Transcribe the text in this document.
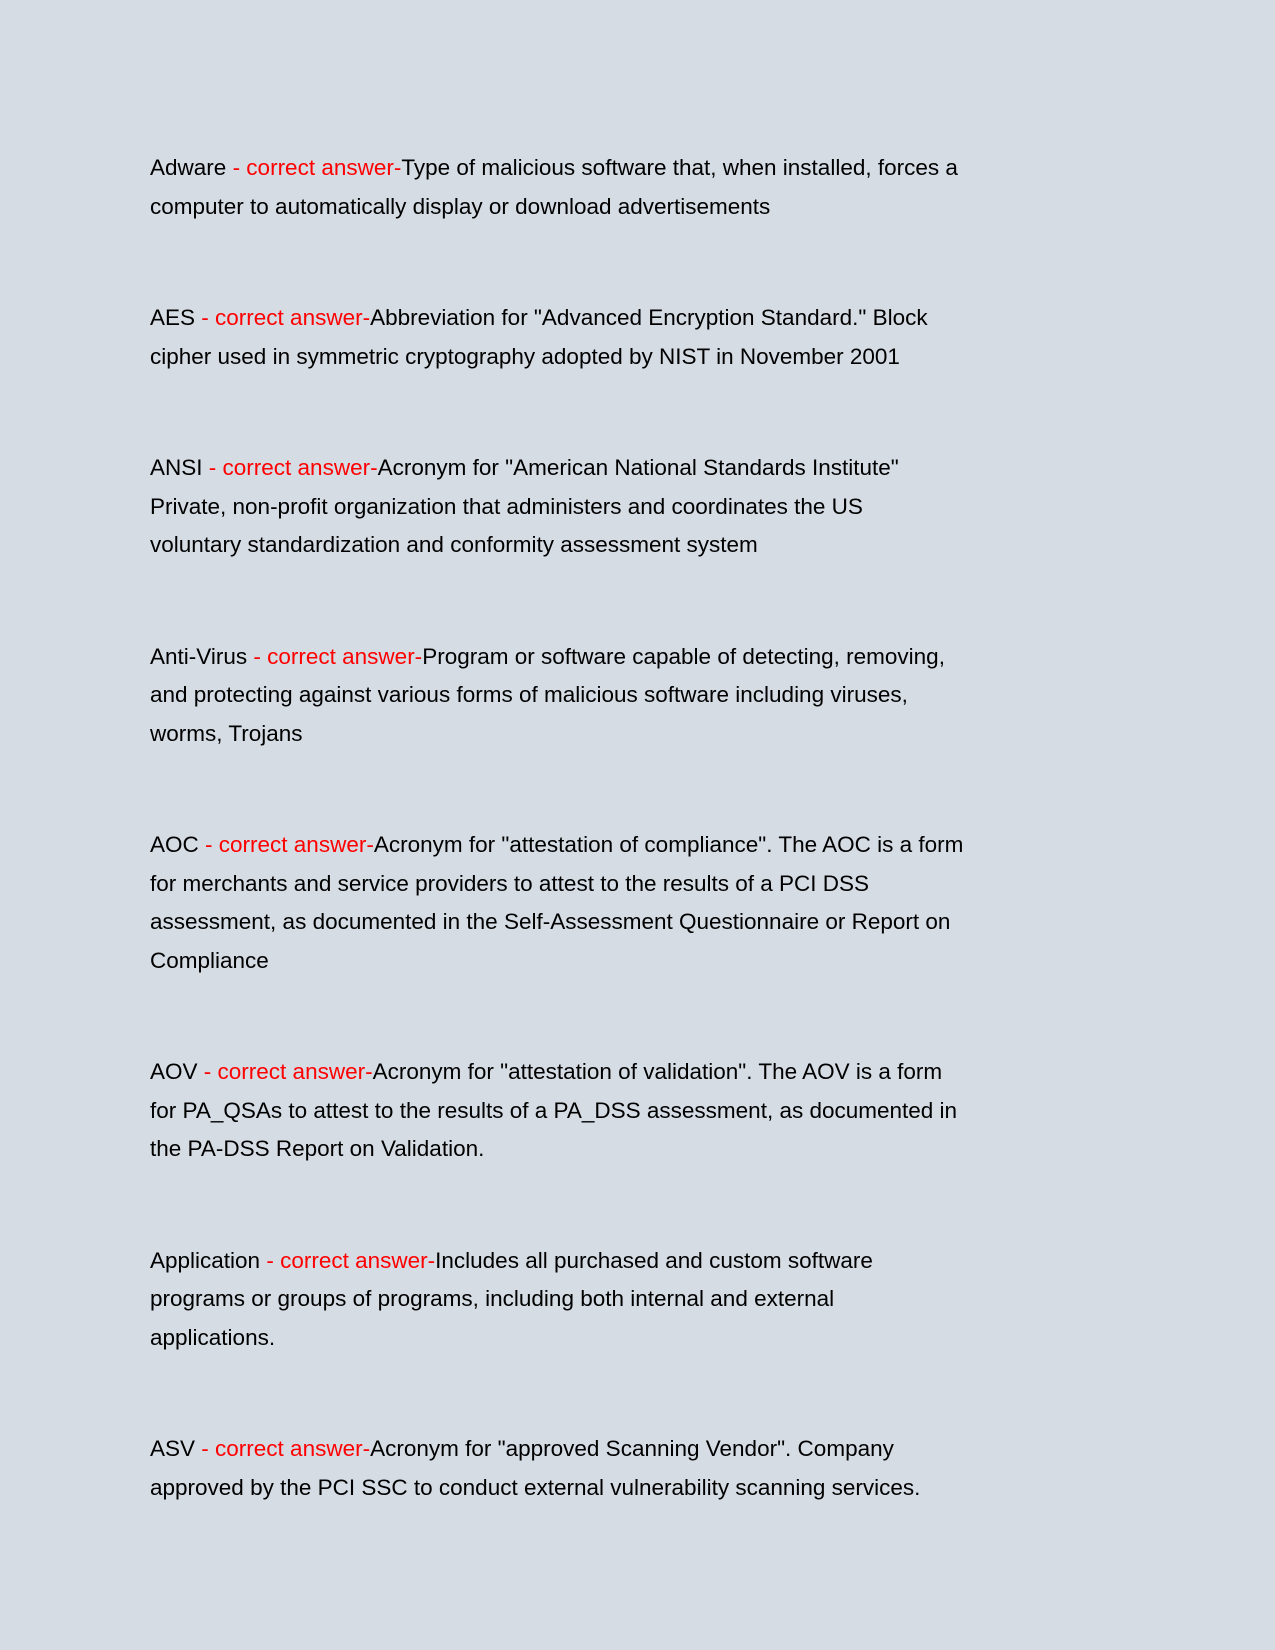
Adware - correct answer-Type of malicious software that, when installed, forces a
computer to automatically display or download advertisements
AES - correct answer-Abbreviation for "Advanced Encryption Standard." Block
cipher used in symmetric cryptography adopted by NIST in November 2001
ANSI - correct answer-Acronym for "American National Standards Institute"
Private, non-profit organization that administers and coordinates the US
voluntary standardization and conformity assessment system
Anti-Virus - correct answer-Program or software capable of detecting, removing,
and protecting against various forms of malicious software including viruses,
worms, Trojans
AOC - correct answer-Acronym for "attestation of compliance". The AOC is a form
for merchants and service providers to attest to the results of a PCI DSS
assessment, as documented in the Self-Assessment Questionnaire or Report on
Compliance
AOV - correct answer-Acronym for "attestation of validation". The AOV is a form
for PA_QSAs to attest to the results of a PA_DSS assessment, as documented in
the PA-DSS Report on Validation.
Application - correct answer-Includes all purchased and custom software
programs or groups of programs, including both internal and external
applications.
ASV - correct answer-Acronym for "approved Scanning Vendor". Company
approved by the PCI SSC to conduct external vulnerability scanning services.
